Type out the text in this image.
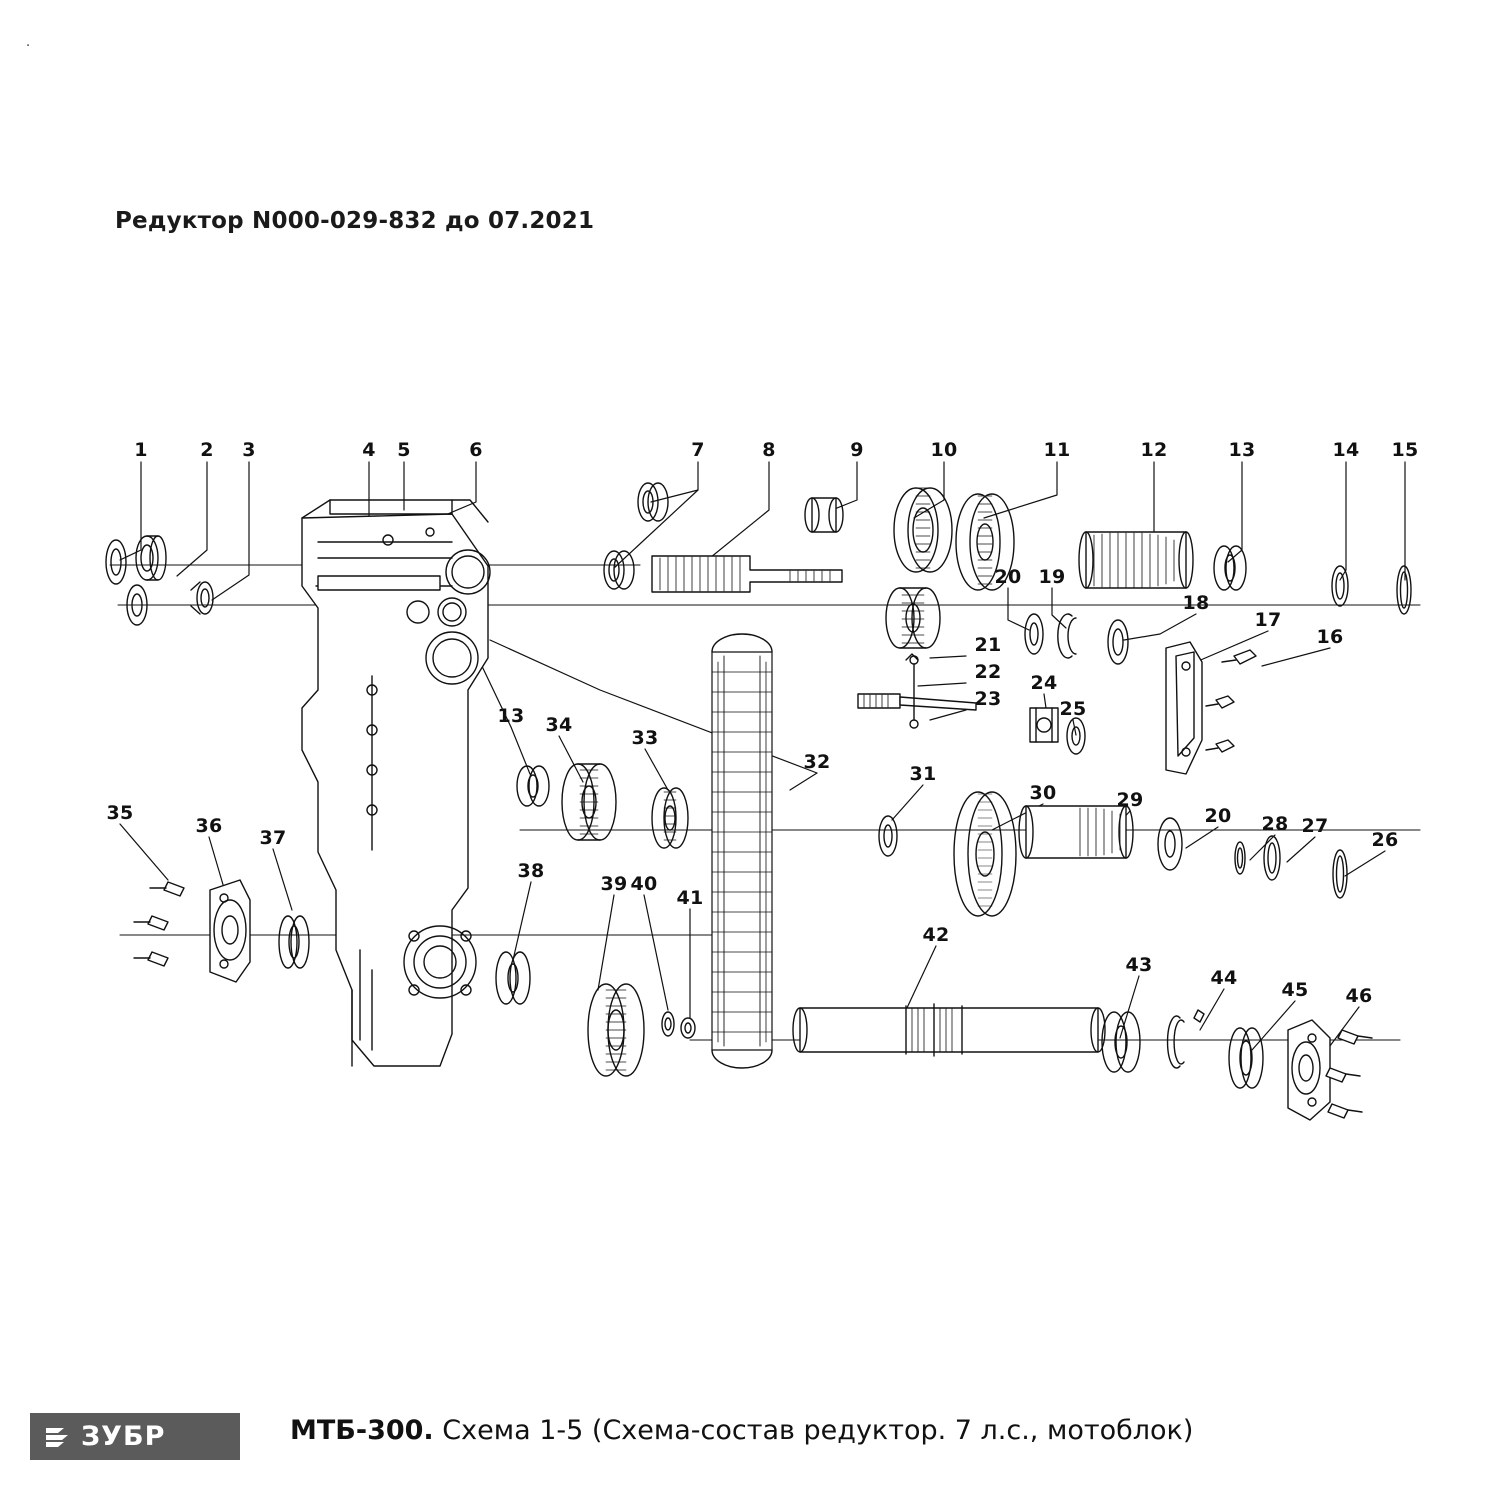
.
Редуктор N000-029-832 до 07.2021
1	2 3	4 5	6	7	8	9	10	11	12	13	14 15
20 19
18
17
16
21
22
23
24
25
13 34
33
32
31
30	29
20 28 27
26
35
36
37
38
39 40
41
42
43
44
45 46
ЗУБР	МТБ-300. Схема 1-5 (Схема-состав редуктор. 7 л.с., мотоблок)
